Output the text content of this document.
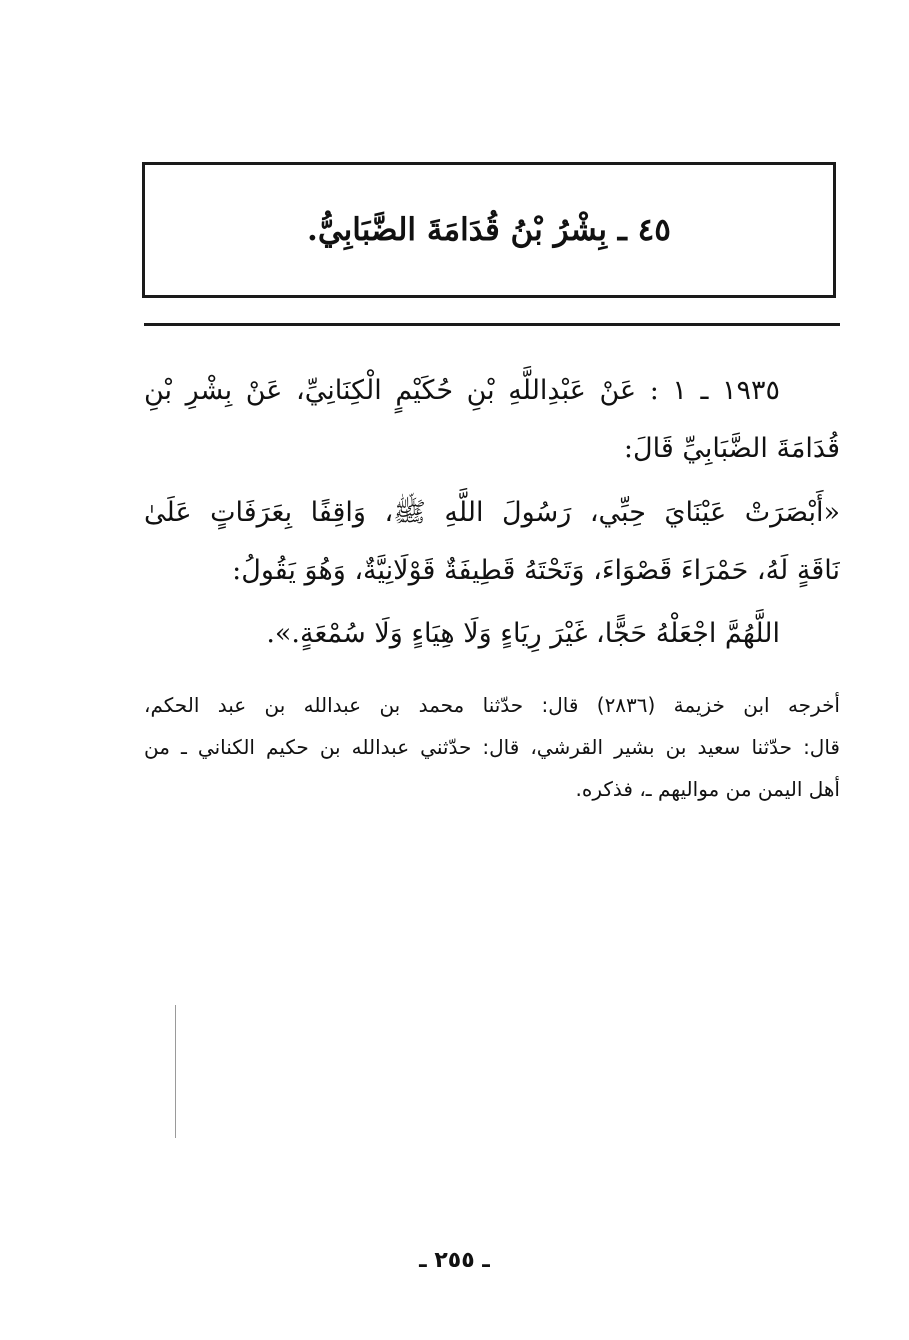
٤٥ ـ بِشْرُ بْنُ قُدَامَةَ الضَّبَابِيُّ.
١٩٣٥ ـ ١ : عَنْ عَبْدِاللَّهِ بْنِ حُكَيْمٍ الْكِنَانِيِّ، عَنْ بِشْرِ بْنِ
قُدَامَةَ الضَّبَابِيِّ قَالَ:
«أَبْصَرَتْ عَيْنَايَ حِبِّي، رَسُولَ اللَّهِ ﷺ، وَاقِفًا بِعَرَفَاتٍ عَلَىٰ
نَاقَةٍ لَهُ، حَمْرَاءَ قَصْوَاءَ، وَتَحْتَهُ قَطِيفَةٌ قَوْلَانِيَّةٌ، وَهُوَ يَقُولُ:
اللَّهُمَّ اجْعَلْهُ حَجًّا، غَيْرَ رِيَاءٍ وَلَا هِيَاءٍ وَلَا سُمْعَةٍ.».
أخرجه ابن خزيمة (٢٨٣٦) قال: حدّثنا محمد بن عبدالله بن عبد الحكم،
قال: حدّثنا سعيد بن بشير القرشي، قال: حدّثني عبدالله بن حكيم الكناني ـ من
أهل اليمن من مواليهم ـ، فذكره.
ـ ٢٥٥ ـ
